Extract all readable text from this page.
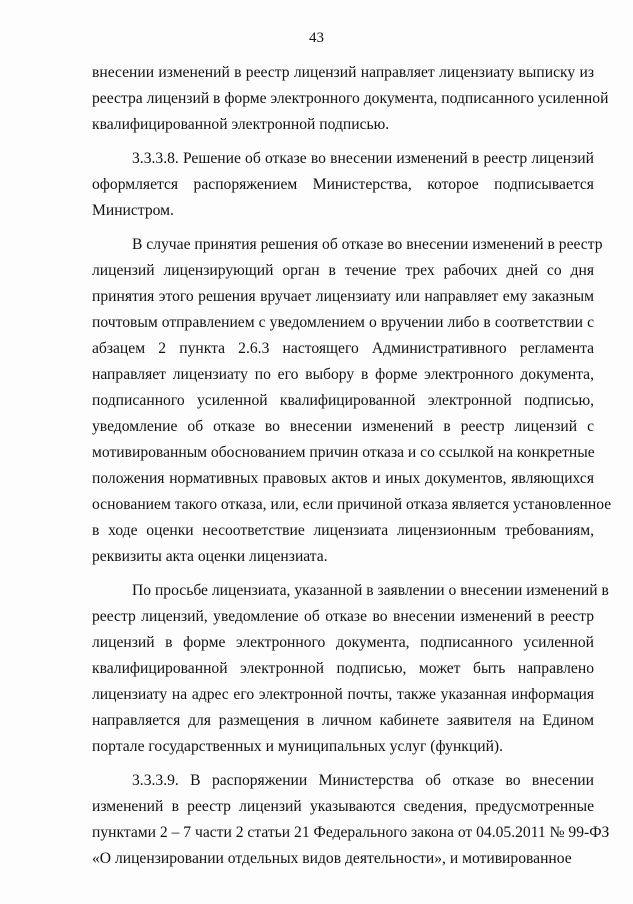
43
внесении изменений в реестр лицензий направляет лицензиату выписку из
реестра лицензий в форме электронного документа, подписанного усиленной
квалифицированной электронной подписью.
3.3.3.8. Решение об отказе во внесении изменений в реестр лицензий
оформляется распоряжением Министерства, которое подписывается
Министром.
В случае принятия решения об отказе во внесении изменений в реестр
лицензий лицензирующий орган в течение трех рабочих дней со дня
принятия этого решения вручает лицензиату или направляет ему заказным
почтовым отправлением с уведомлением о вручении либо в соответствии с
абзацем 2 пункта 2.6.3 настоящего Административного регламента
направляет лицензиату по его выбору в форме электронного документа,
подписанного усиленной квалифицированной электронной подписью,
уведомление об отказе во внесении изменений в реестр лицензий с
мотивированным обоснованием причин отказа и со ссылкой на конкретные
положения нормативных правовых актов и иных документов, являющихся
основанием такого отказа, или, если причиной отказа является установленное
в ходе оценки несоответствие лицензиата лицензионным требованиям,
реквизиты акта оценки лицензиата.
По просьбе лицензиата, указанной в заявлении о внесении изменений в
реестр лицензий, уведомление об отказе во внесении изменений в реестр
лицензий в форме электронного документа, подписанного усиленной
квалифицированной электронной подписью, может быть направлено
лицензиату на адрес его электронной почты, также указанная информация
направляется для размещения в личном кабинете заявителя на Едином
портале государственных и муниципальных услуг (функций).
3.3.3.9. В распоряжении Министерства об отказе во внесении
изменений в реестр лицензий указываются сведения, предусмотренные
пунктами 2 – 7 части 2 статьи 21 Федерального закона от 04.05.2011 № 99-ФЗ
«О лицензировании отдельных видов деятельности», и мотивированное
